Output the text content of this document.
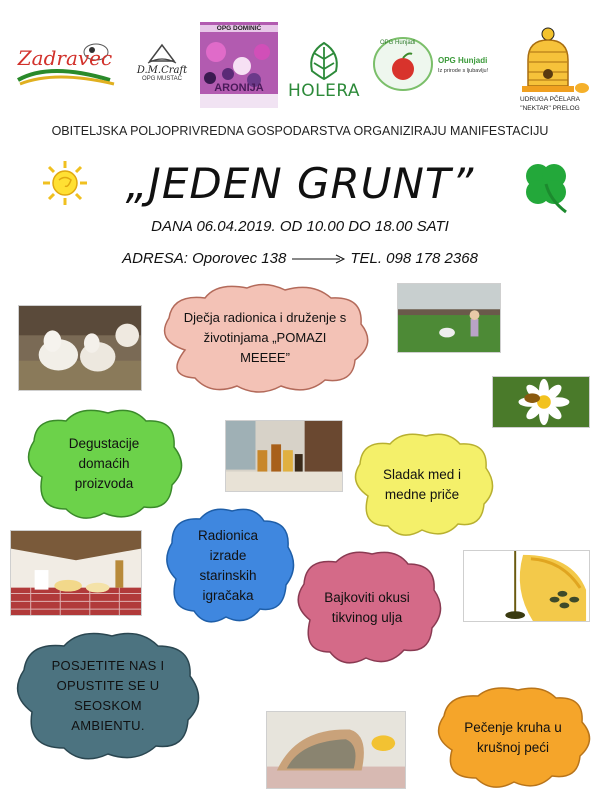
Zadravec D.M.Craft
OPG MUSTAĆ
OPG DOMINIĆ
ARONIJA	HOLERA
OPG Hunjadi
OPG Hunjadi
Iz prirode s ljubavlju!
UDRUGA PČELARA
"NEKTAR" PRELOG
OBITELJSKA POLJOPRIVREDNA GOSPODARSTVA ORGANIZIRAJU MANIFESTACIJU
„JEDEN GRUNT”
DANA 06.04.2019. OD 10.00 DO 18.00 SATI
ADRESA: Oporovec 138	TEL. 098 178 2368
Dječja radionica i druženje s životinjama „POMAZI MEEEE”
Degustacije domaćih proizvoda
Sladak med i medne priče
Radionica izrade starinskih igračaka	Bajkoviti okusi tikvinog ulja
POSJETITE NAS I OPUSTITE SE U SEOSKOM AMBIENTU.	Pečenje kruha u krušnoj peći
